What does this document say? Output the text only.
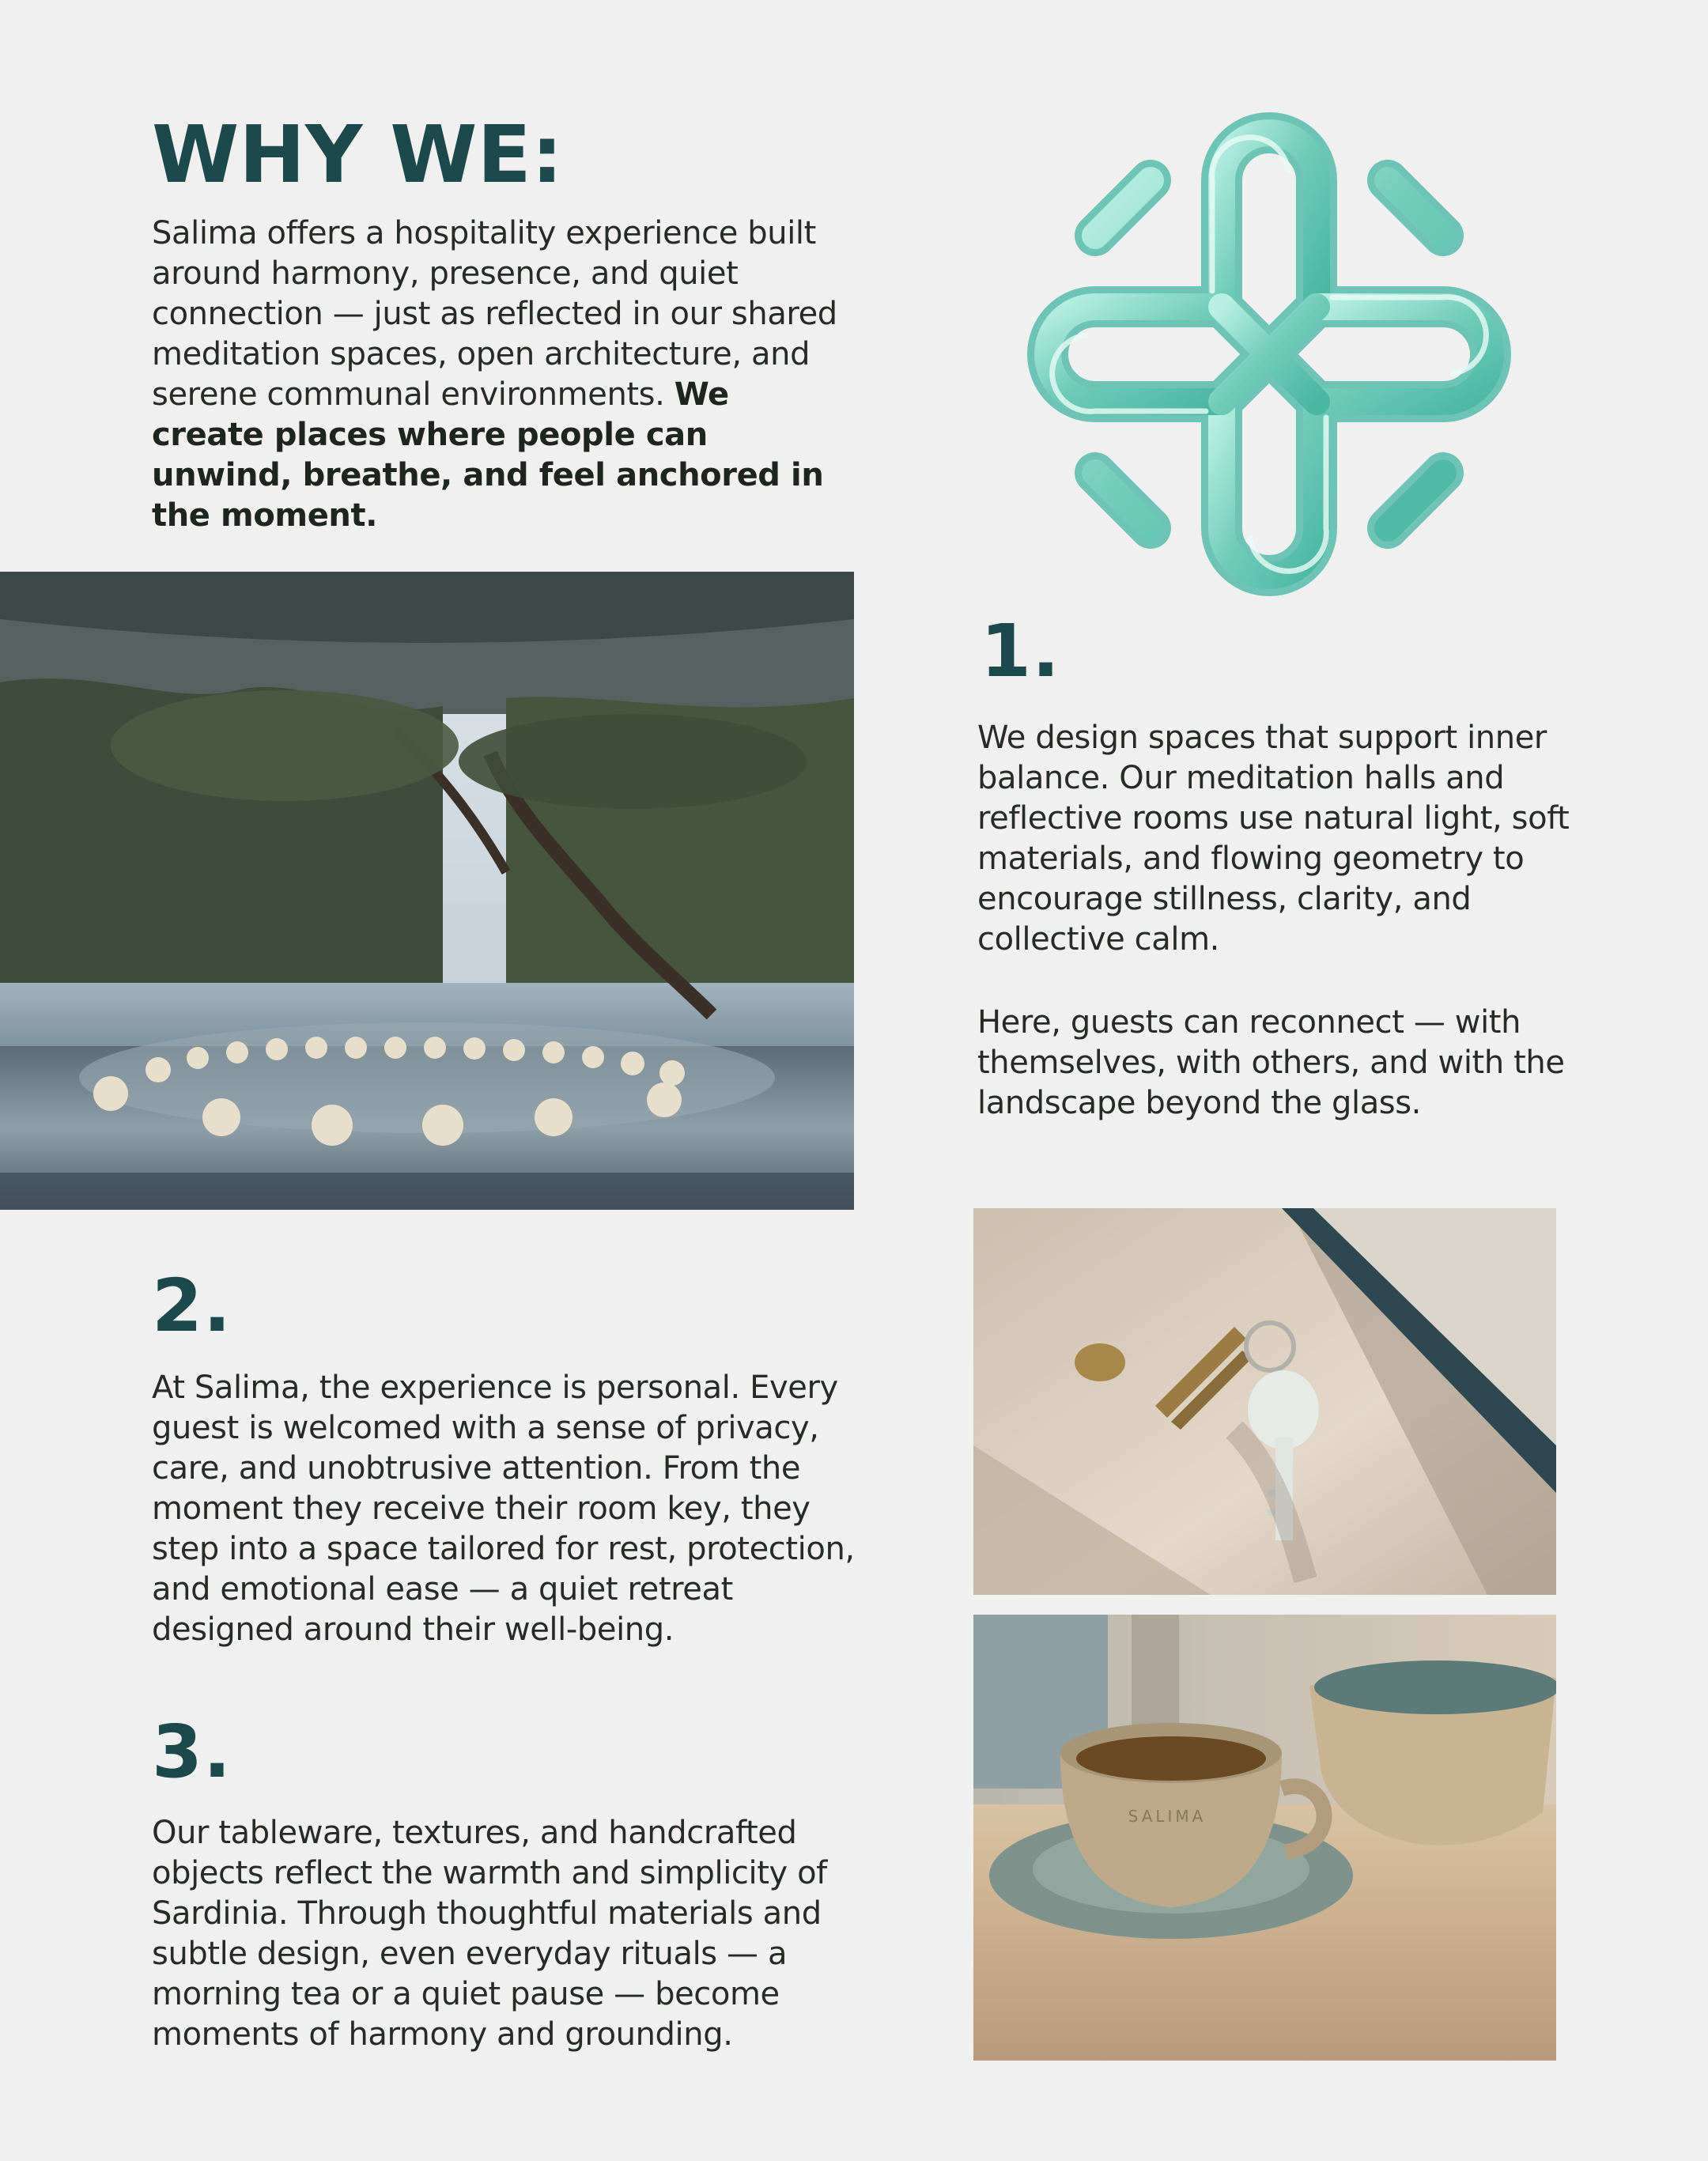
WHY WE:

Salima offers a hospitality experience built around harmony, presence, and quiet connection — just as reflected in our shared meditation spaces, open architecture, and serene communal environments. We create places where people can unwind, breathe, and feel anchored in the moment.

1.

We design spaces that support inner balance. Our meditation halls and reflective rooms use natural light, soft materials, and flowing geometry to encourage stillness, clarity, and collective calm.

Here, guests can reconnect — with themselves, with others, and with the landscape beyond the glass.

2.

At Salima, the experience is personal. Every guest is welcomed with a sense of privacy, care, and unobtrusive attention. From the moment they receive their room key, they step into a space tailored for rest, protection, and emotional ease — a quiet retreat designed around their well-being.

SALIMA
3.

Our tableware, textures, and handcrafted objects reflect the warmth and simplicity of Sardinia. Through thoughtful materials and subtle design, even everyday rituals — a morning tea or a quiet pause — become moments of harmony and grounding.
